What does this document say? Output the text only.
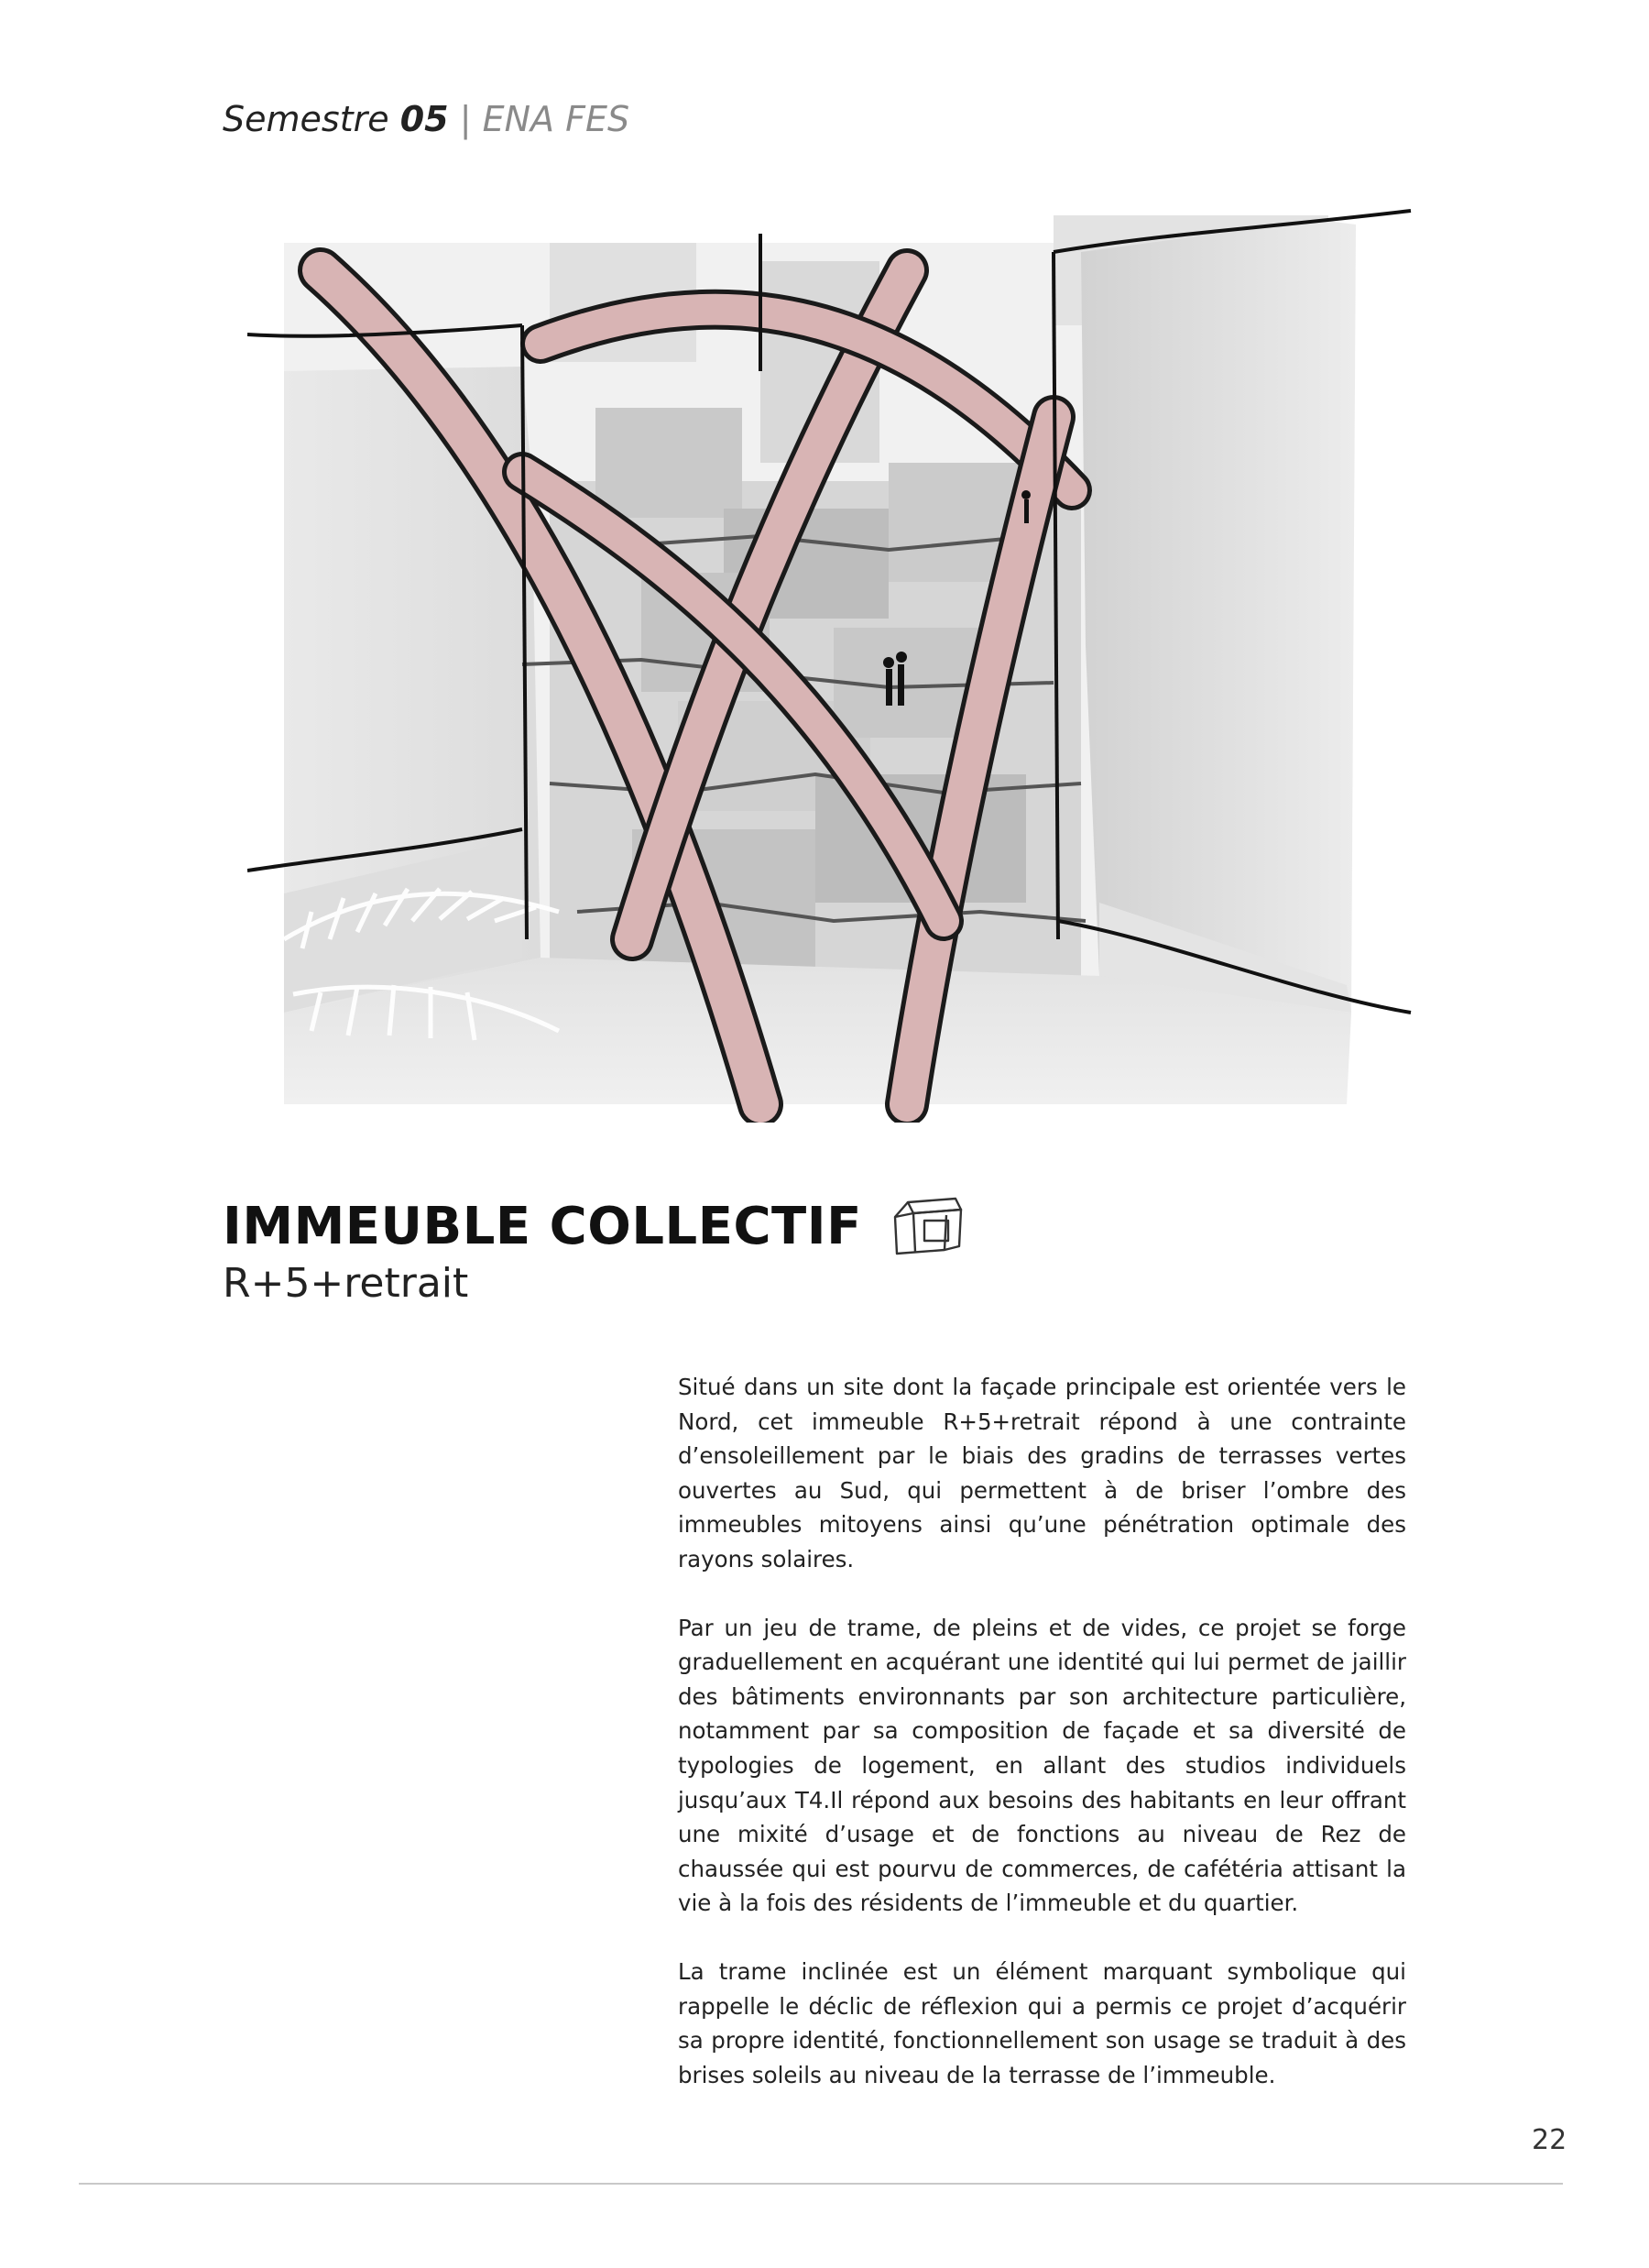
Semestre 05 | ENA FES
IMMEUBLE COLLECTIF
R+5+retrait

Situé dans un site dont la façade principale est orientée vers le Nord, cet immeuble R+5+retrait répond à une contrainte d’ensoleillement par le biais des gradins de terrasses vertes ouvertes au Sud, qui permettent à de briser l’ombre des immeubles mitoyens ainsi qu’une pénétration optimale des rayons solaires.

Par un jeu de trame, de pleins et de vides, ce projet se forge graduellement en acquérant une identité qui lui permet de jaillir des bâtiments environnants par son architecture particulière, notamment par sa composition de façade et sa diversité de typologies de logement, en allant des studios individuels jusqu’aux T4.Il répond aux besoins des habitants en leur offrant une mixité d’usage et de fonctions au niveau de Rez de chaussée qui est pourvu de commerces, de cafétéria attisant la vie à la fois des résidents de l’immeuble et du quartier.

La trame inclinée est un élément marquant symbolique qui rappelle le déclic de réflexion qui a permis ce projet d’acquérir sa propre identité, fonctionnellement son usage se traduit à des brises soleils au niveau de la terrasse de l’immeuble.

22
